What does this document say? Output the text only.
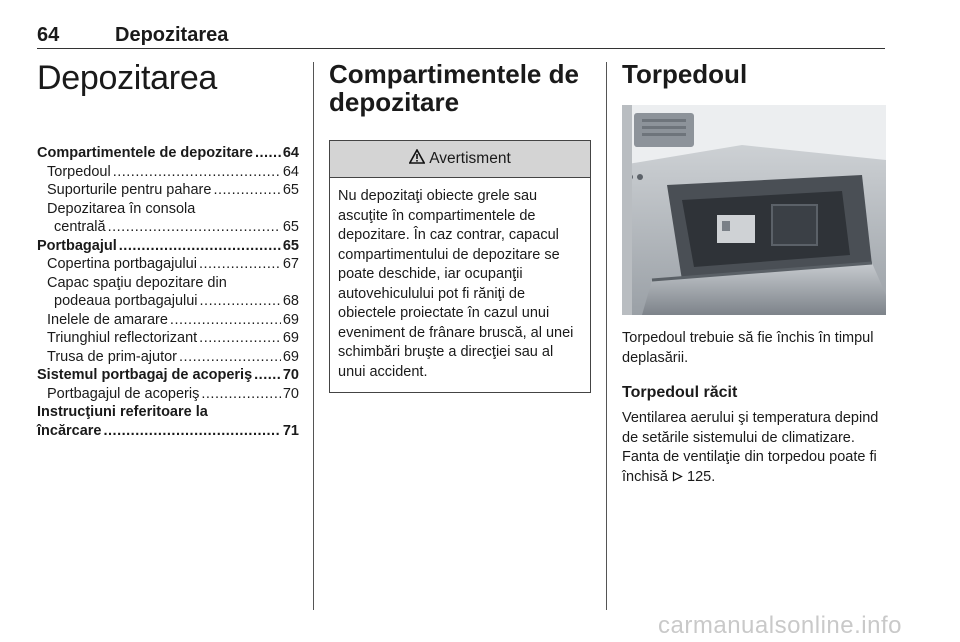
64	Depozitarea
Depozitarea
Compartimentele de depozitare ..... 64
Torpedoul .....	64
Suporturile pentru pahare .....	65
Depozitarea în consola
centrală .....	65
Portbagajul .....	65
Copertina portbagajului .....	67
Capac spaţiu depozitare din
podeaua portbagajului .....	68
Inelele de amarare .....	69
Triunghiul reflectorizant .....	69
Trusa de prim-ajutor .....	69
Sistemul portbagaj de acoperiş ..... 70
Portbagajul de acoperiş .....	70
Instrucţiuni referitoare la
încărcare .....	71
Compartimentele de
depozitare
Avertisment
Nu depozitaţi obiecte grele sau ascuţite în compartimentele de depozitare. În caz contrar, capacul compartimentului de depozitare se poate deschide, iar ocupanţii autovehiculului pot fi răniţi de obiectele proiectate în cazul unui eveniment de frânare bruscă, al unei schimbări bruşte a direcţiei sau al unui accident.
Torpedoul

Torpedoul trebuie să fie închis în timpul deplasării.

Torpedoul răcit

Ventilarea aerului şi temperatura depind de setările sistemului de climatizare. Fanta de ventilaţie din torpedou poate fi închisă 125.

carmanualsonline.info
